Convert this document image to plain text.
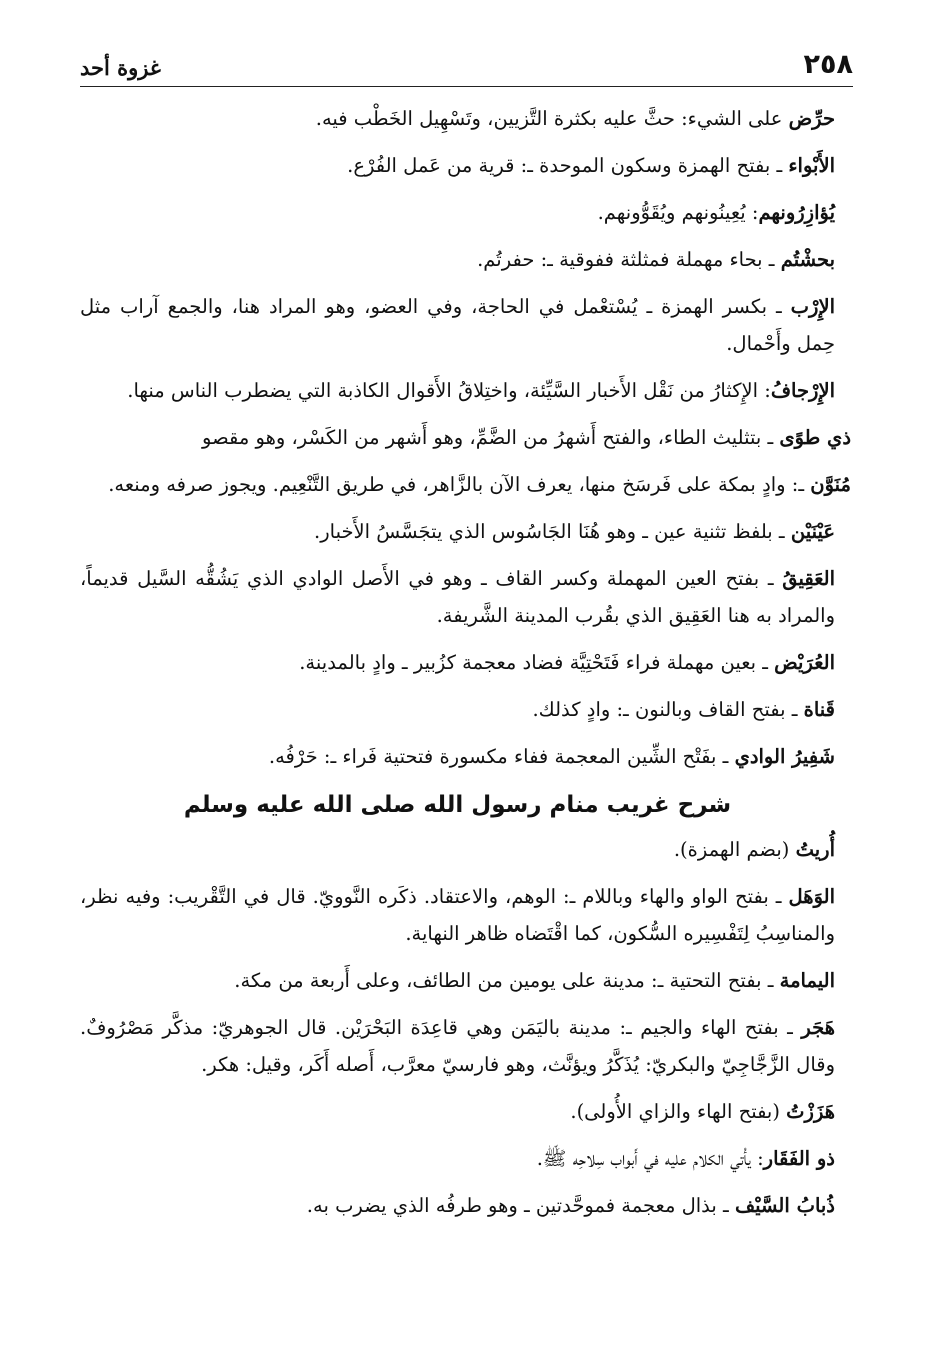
٢٥٨
غزوة أحد

حرِّض على الشيء: حثَّ عليه بكثرة التَّزيين، وتَسْهِيل الخَطْب فيه.

الأَبْواء ـ بفتح الهمزة وسكون الموحدة ـ: قرية من عَمل الفُرْع.

يُؤازِرُونهم: يُعِينُونهم ويُقَوُّونهم.

بحشْتُم ـ بحاء مهملة فمثلثة ففوقية ـ: حفرتُم.

الإِرْب ـ بكسر الهمزة ـ يُسْتعْمل في الحاجة، وفي العضو، وهو المراد هنا، والجمع آراب مثل حِمل وأَحْمال.

الإِرْجافُ: الإِكثارُ من نَقْل الأَخبار السَّيِّئة، واختِلاقُ الأَقوال الكاذبة التي يضطرب الناس منها.

ذي طوًى ـ بتثليث الطاء، والفتح أَشهرُ من الضَّمِّ، وهو أَشهر من الكَسْر، وهو مقصو

مُنَوَّن ـ: وادٍ بمكة على فَرسَخ منها، يعرف الآن بالزَّاهر، في طريق التَّنْعِيم. ويجوز صرفه ومنعه.

عَيْنَيْن ـ بلفظ تثنية عين ـ وهو هُنَا الجَاسُوس الذي يتجَسَّسُ الأَخبار.

العَقِيقُ ـ بفتح العين المهملة وكسر القاف ـ وهو في الأَصل الوادي الذي يَشُقُّه السَّيل قديماً، والمراد به هنا العَقِيق الذي بقُرب المدينة الشَّريفة.

العُرَيْض ـ بعين مهملة فراء فَتَحْتِيَّة فضاد معجمة كزُبير ـ وادٍ بالمدينة.

قَناة ـ بفتح القاف وبالنون ـ: وادٍ كذلك.

شَفِيرُ الوادي ـ بفَتْح الشِّين المعجمة ففاء مكسورة فتحتية فَراء ـ: حَرْفُه.

شرح غريب منام رسول الله صلى الله عليه وسلم

أُريتُ (بضم الهمزة).

الوَهَل ـ بفتح الواو والهاء وباللام ـ: الوهم، والاعتقاد. ذكَره النَّوويّ. قال في التَّقْريب: وفيه نظر، والمناسِبُ لِتَفْسِيره السُّكون، كما اقْتَضاه ظاهر النهاية.

اليمامة ـ بفتح التحتية ـ: مدينة على يومين من الطائف، وعلى أَربعة من مكة.

هَجَر ـ بفتح الهاء والجيم ـ: مدينة باليَمَن وهي قاعِدَة البَحْرَيْن. قال الجوهريّ: مذكَّر مَصْرُوفٌ. وقال الزَّجَّاجِيّ والبكريّ: يُذَكَّرُ ويؤنَّث، وهو فارسيّ معرَّب، أَصله أَكَر، وقيل: هكر.

هَزَزْتُ (بفتح الهاء والزاي الأُولى).

ذو الفَقَار: يأْتي الكلام عليه في أَبواب سِلاحِه ﷺ.

ذُبابُ السَّيْف ـ بذال معجمة فموحَّدتين ـ وهو طرفُه الذي يضرب به.
